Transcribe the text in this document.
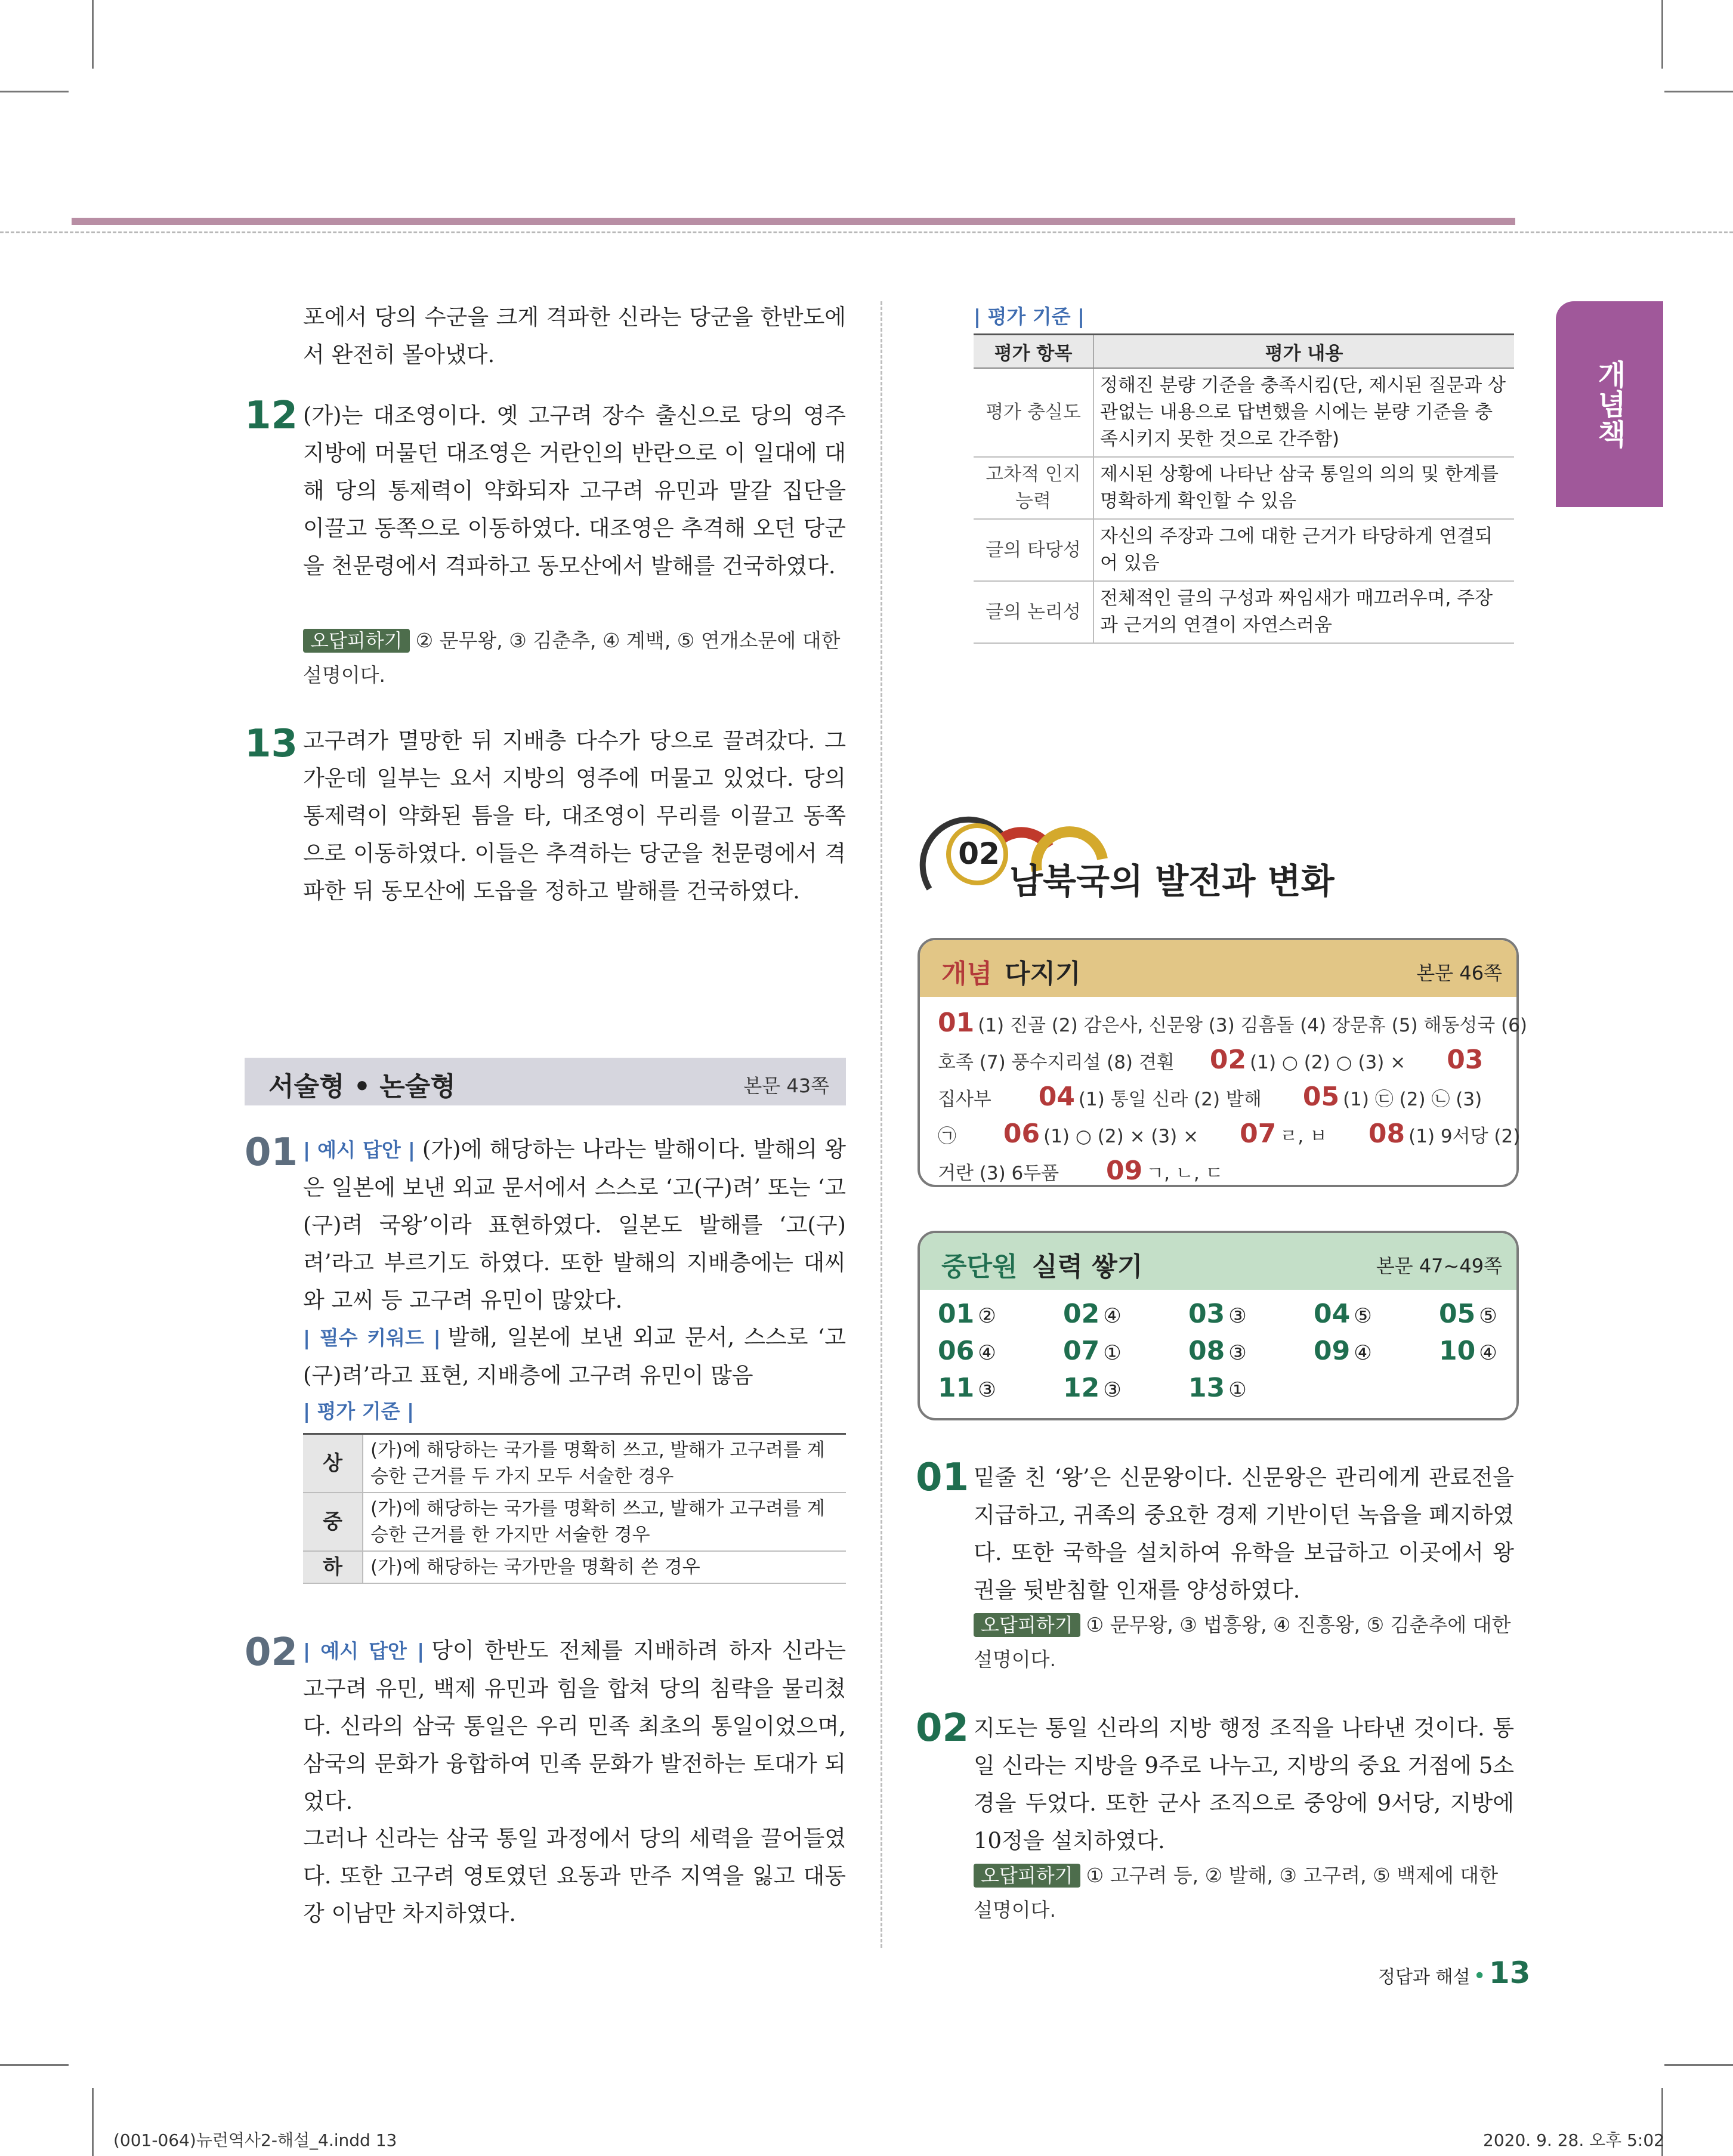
개념책
포에서 당의 수군을 크게 격파한 신라는 당군을 한반도에서 완전히 몰아냈다.
12 (가)는 대조영이다. 옛 고구려 장수 출신으로 당의 영주 지방에 머물던 대조영은 거란인의 반란으로 이 일대에 대해 당의 통제력이 약화되자 고구려 유민과 말갈 집단을 이끌고 동쪽으로 이동하였다. 대조영은 추격해 오던 당군을 천문령에서 격파하고 동모산에서 발해를 건국하였다.
오답피하기 ② 문무왕, ③ 김춘추, ④ 계백, ⑤ 연개소문에 대한 설명이다.
13 고구려가 멸망한 뒤 지배층 다수가 당으로 끌려갔다. 그 가운데 일부는 요서 지방의 영주에 머물고 있었다. 당의 통제력이 약화된 틈을 타, 대조영이 무리를 이끌고 동쪽으로 이동하였다. 이들은 추격하는 당군을 천문령에서 격파한 뒤 동모산에 도읍을 정하고 발해를 건국하였다.
서술형 • 논술형	본문 43쪽
01 | 예시 답안 | (가)에 해당하는 나라는 발해이다. 발해의 왕은 일본에 보낸 외교 문서에서 스스로 ‘고(구)려’ 또는 ‘고(구)려 국왕’이라 표현하였다. 일본도 발해를 ‘고(구)려’라고 부르기도 하였다. 또한 발해의 지배층에는 대씨와 고씨 등 고구려 유민이 많았다.
| 필수 키워드 | 발해, 일본에 보낸 외교 문서, 스스로 ‘고(구)려’라고 표현, 지배층에 고구려 유민이 많음
| 평가 기준 |
상	(가)에 해당하는 국가를 명확히 쓰고, 발해가 고구려를 계승한 근거를 두 가지 모두 서술한 경우
중	(가)에 해당하는 국가를 명확히 쓰고, 발해가 고구려를 계승한 근거를 한 가지만 서술한 경우
하	(가)에 해당하는 국가만을 명확히 쓴 경우
02 | 예시 답안 | 당이 한반도 전체를 지배하려 하자 신라는 고구려 유민, 백제 유민과 힘을 합쳐 당의 침략을 물리쳤다. 신라의 삼국 통일은 우리 민족 최초의 통일이었으며, 삼국의 문화가 융합하여 민족 문화가 발전하는 토대가 되었다.
그러나 신라는 삼국 통일 과정에서 당의 세력을 끌어들였다. 또한 고구려 영토였던 요동과 만주 지역을 잃고 대동강 이남만 차지하였다.
| 평가 기준 |
평가 항목	평가 내용
평가 충실도	정해진 분량 기준을 충족시킴(단, 제시된 질문과 상관없는 내용으로 답변했을 시에는 분량 기준을 충족시키지 못한 것으로 간주함)
고차적 인지 능력	제시된 상황에 나타난 삼국 통일의 의의 및 한계를 명확하게 확인할 수 있음
글의 타당성	자신의 주장과 그에 대한 근거가 타당하게 연결되어 있음
글의 논리성	전체적인 글의 구성과 짜임새가 매끄러우며, 주장과 근거의 연결이 자연스러움
02
남북국의 발전과 변화
개념 다지기	본문 46쪽
01 (1) 진골 (2) 감은사, 신문왕 (3) 김흠돌 (4) 장문휴 (5) 해동성국 (6)
호족 (7) 풍수지리설 (8) 견훤 02 (1) ○ (2) ○ (3) × 03
집사부 04 (1) 통일 신라 (2) 발해 05 (1) ㉢ (2) ㉡ (3)
㉠ 06 (1) ○ (2) × (3) × 07 ㄹ, ㅂ 08 (1) 9서당 (2)
거란 (3) 6두품 09 ㄱ, ㄴ, ㄷ
중단원 실력 쌓기	본문 47~49쪽
01 ②	02 ④	03 ③	04 ⑤	05 ⑤
06 ④	07 ①	08 ③	09 ④	10 ④
11 ③	12 ③	13 ①
01 밑줄 친 ‘왕’은 신문왕이다. 신문왕은 관리에게 관료전을 지급하고, 귀족의 중요한 경제 기반이던 녹읍을 폐지하였다. 또한 국학을 설치하여 유학을 보급하고 이곳에서 왕권을 뒷받침할 인재를 양성하였다.
오답피하기 ① 문무왕, ③ 법흥왕, ④ 진흥왕, ⑤ 김춘추에 대한 설명이다.
02 지도는 통일 신라의 지방 행정 조직을 나타낸 것이다. 통일 신라는 지방을 9주로 나누고, 지방의 중요 거점에 5소경을 두었다. 또한 군사 조직으로 중앙에 9서당, 지방에 10정을 설치하였다.
오답피하기 ① 고구려 등, ② 발해, ③ 고구려, ⑤ 백제에 대한 설명이다.
정답과 해설 • 13
(001-064)뉴런역사2-해설_4.indd 13	2020. 9. 28. 오후 5:02
